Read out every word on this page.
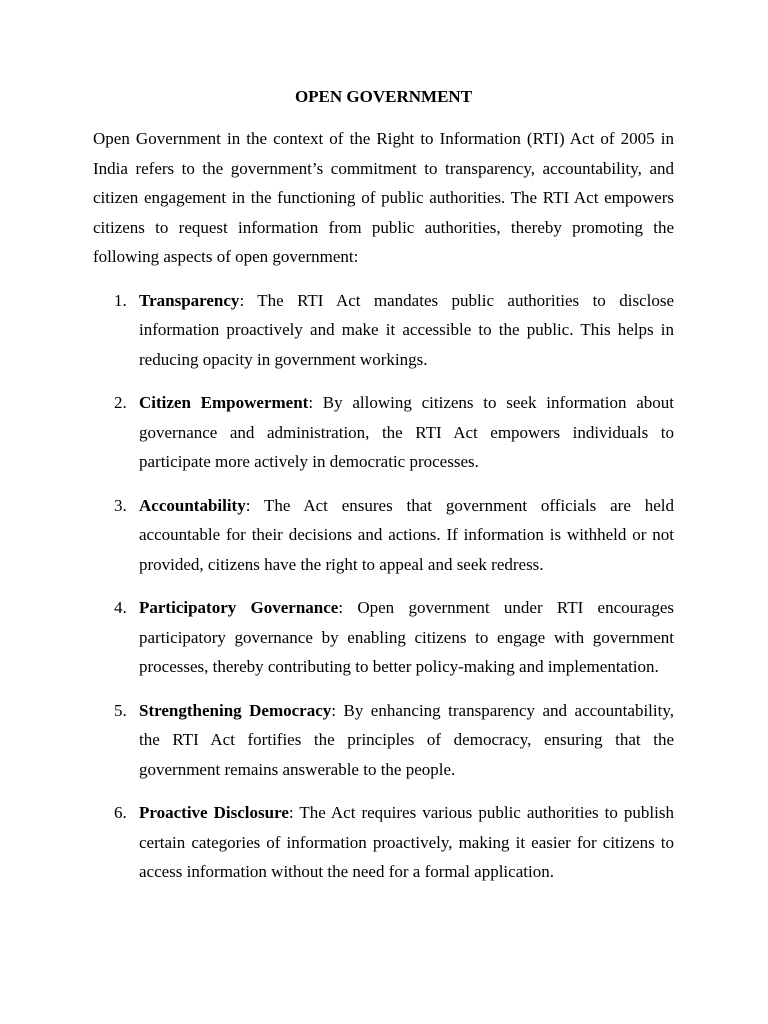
OPEN GOVERNMENT

Open Government in the context of the Right to Information (RTI) Act of 2005 in India refers to the government’s commitment to transparency, accountability, and citizen engagement in the functioning of public authorities. The RTI Act empowers citizens to request information from public authorities, thereby promoting the following aspects of open government:

1. Transparency: The RTI Act mandates public authorities to disclose information proactively and make it accessible to the public. This helps in reducing opacity in government workings.
2. Citizen Empowerment: By allowing citizens to seek information about governance and administration, the RTI Act empowers individuals to participate more actively in democratic processes.
3. Accountability: The Act ensures that government officials are held accountable for their decisions and actions. If information is withheld or not provided, citizens have the right to appeal and seek redress.
4. Participatory Governance: Open government under RTI encourages participatory governance by enabling citizens to engage with government processes, thereby contributing to better policy-making and implementation.
5. Strengthening Democracy: By enhancing transparency and accountability, the RTI Act fortifies the principles of democracy, ensuring that the government remains answerable to the people.
6. Proactive Disclosure: The Act requires various public authorities to publish certain categories of information proactively, making it easier for citizens to access information without the need for a formal application.
